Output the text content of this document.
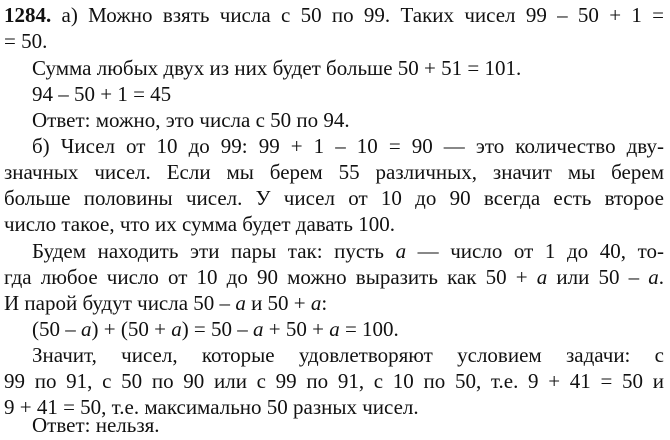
1284. а) Можно взять числа с 50 по 99. Таких чисел 99 – 50 + 1 =
= 50.
Сумма любых двух из них будет больше 50 + 51 = 101.
94 – 50 + 1 = 45
Ответ: можно, это числа с 50 по 94.
б) Чисел от 10 до 99: 99 + 1 – 10 = 90 — это количество дву-
значных чисел. Если мы берем 55 различных, значит мы берем
больше половины чисел. У чисел от 10 до 90 всегда есть второе
число такое, что их сумма будет давать 100.
Будем находить эти пары так: пусть a — число от 1 до 40, то-
гда любое число от 10 до 90 можно выразить как 50 + a или 50 – a.
И парой будут числа 50 – a и 50 + a:
(50 – a) + (50 + a) = 50 – a + 50 + a = 100.
Значит, чисел, которые удовлетворяют условием задачи: с
99 по 91, с 50 по 90 или с 99 по 91, с 10 по 50, т.е. 9 + 41 = 50 и
9 + 41 = 50, т.е. максимально 50 разных чисел.
Ответ: нельзя.
